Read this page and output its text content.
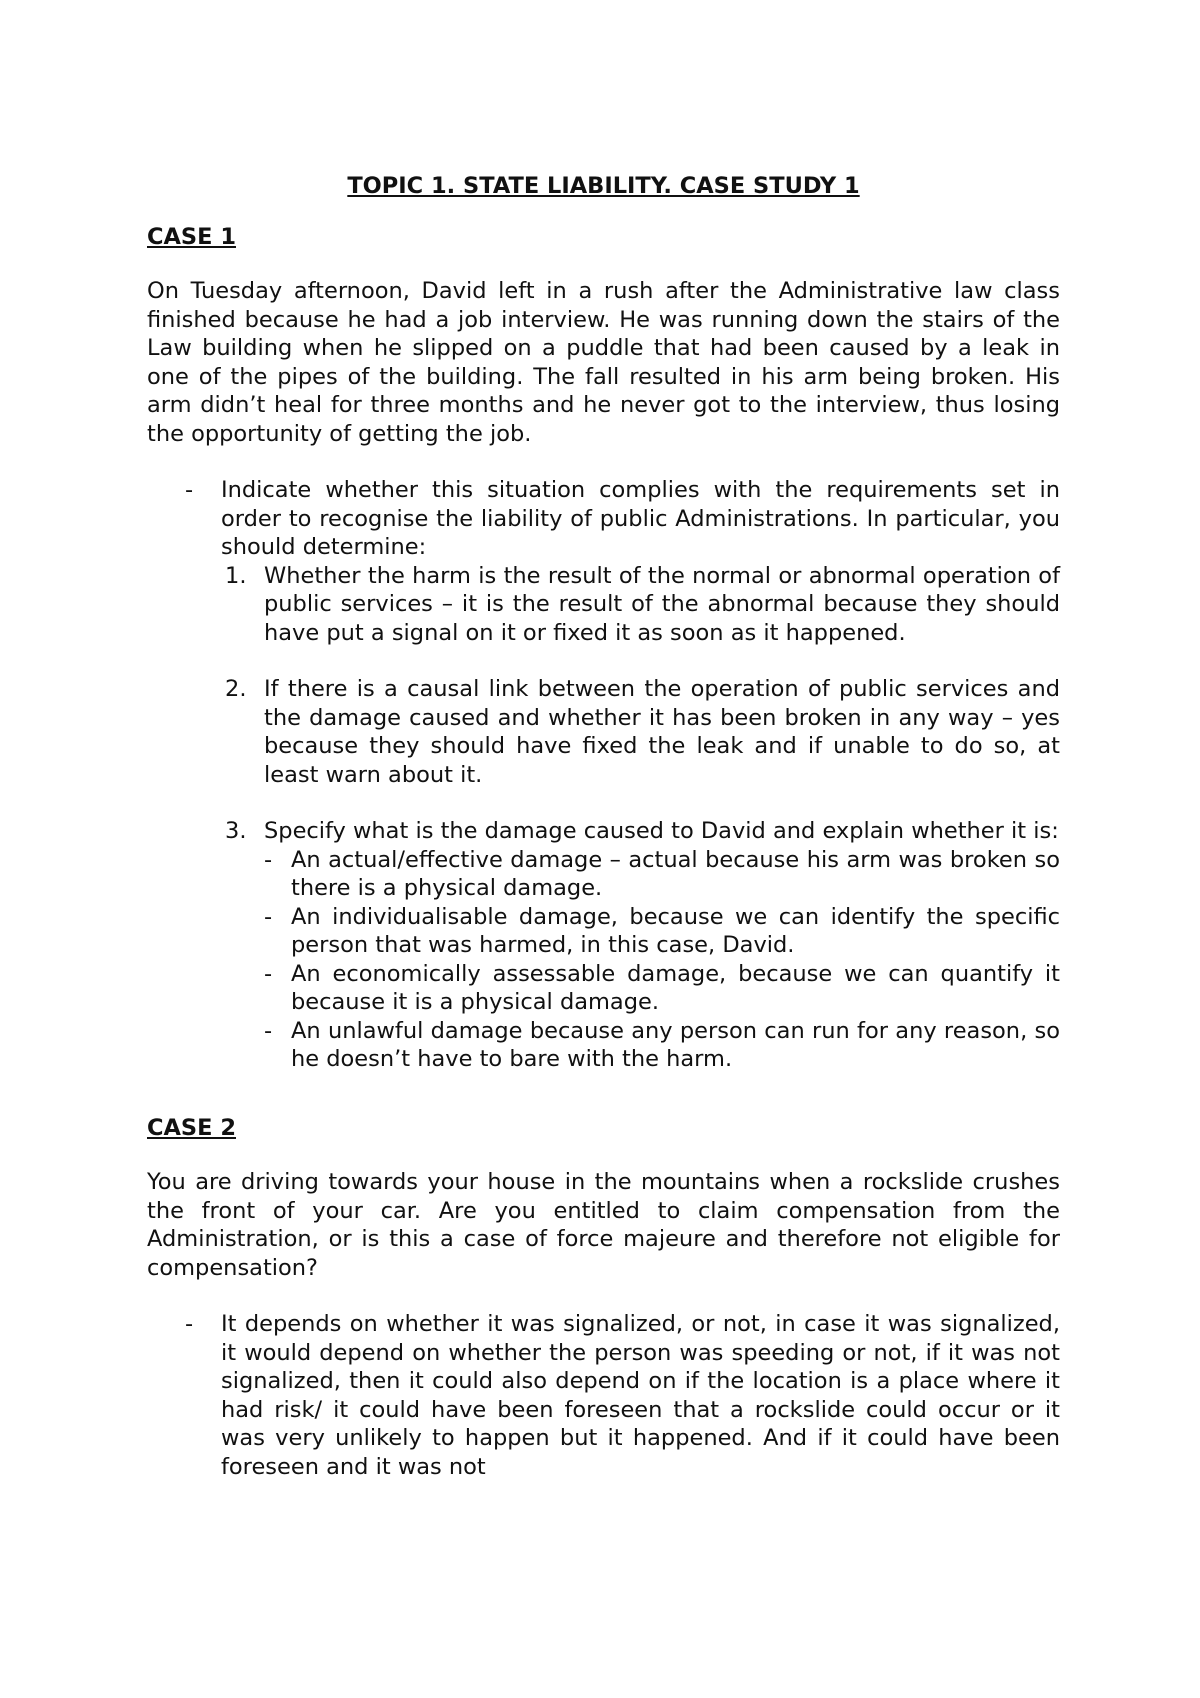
TOPIC 1. STATE LIABILITY. CASE STUDY 1
CASE 1
On Tuesday afternoon, David left in a rush after the Administrative law class finished because he had a job interview. He was running down the stairs of the Law building when he slipped on a puddle that had been caused by a leak in one of the pipes of the building. The fall resulted in his arm being broken. His arm didn’t heal for three months and he never got to the interview, thus losing the opportunity of getting the job.
- Indicate whether this situation complies with the requirements set in order to recognise the liability of public Administrations. In particular, you should determine:
1. Whether the harm is the result of the normal or abnormal operation of public services – it is the result of the abnormal because they should have put a signal on it or fixed it as soon as it happened.
2. If there is a causal link between the operation of public services and the damage caused and whether it has been broken in any way – yes because they should have fixed the leak and if unable to do so, at least warn about it.
3. Specify what is the damage caused to David and explain whether it is:
- An actual/effective damage – actual because his arm was broken so there is a physical damage.
- An individualisable damage, because we can identify the specific person that was harmed, in this case, David.
- An economically assessable damage, because we can quantify it because it is a physical damage.
- An unlawful damage because any person can run for any reason, so he doesn’t have to bare with the harm.
CASE 2
You are driving towards your house in the mountains when a rockslide crushes the front of your car. Are you entitled to claim compensation from the Administration, or is this a case of force majeure and therefore not eligible for compensation?
- It depends on whether it was signalized, or not, in case it was signalized, it would depend on whether the person was speeding or not, if it was not signalized, then it could also depend on if the location is a place where it had risk/ it could have been foreseen that a rockslide could occur or it was very unlikely to happen but it happened. And if it could have been foreseen and it was not
